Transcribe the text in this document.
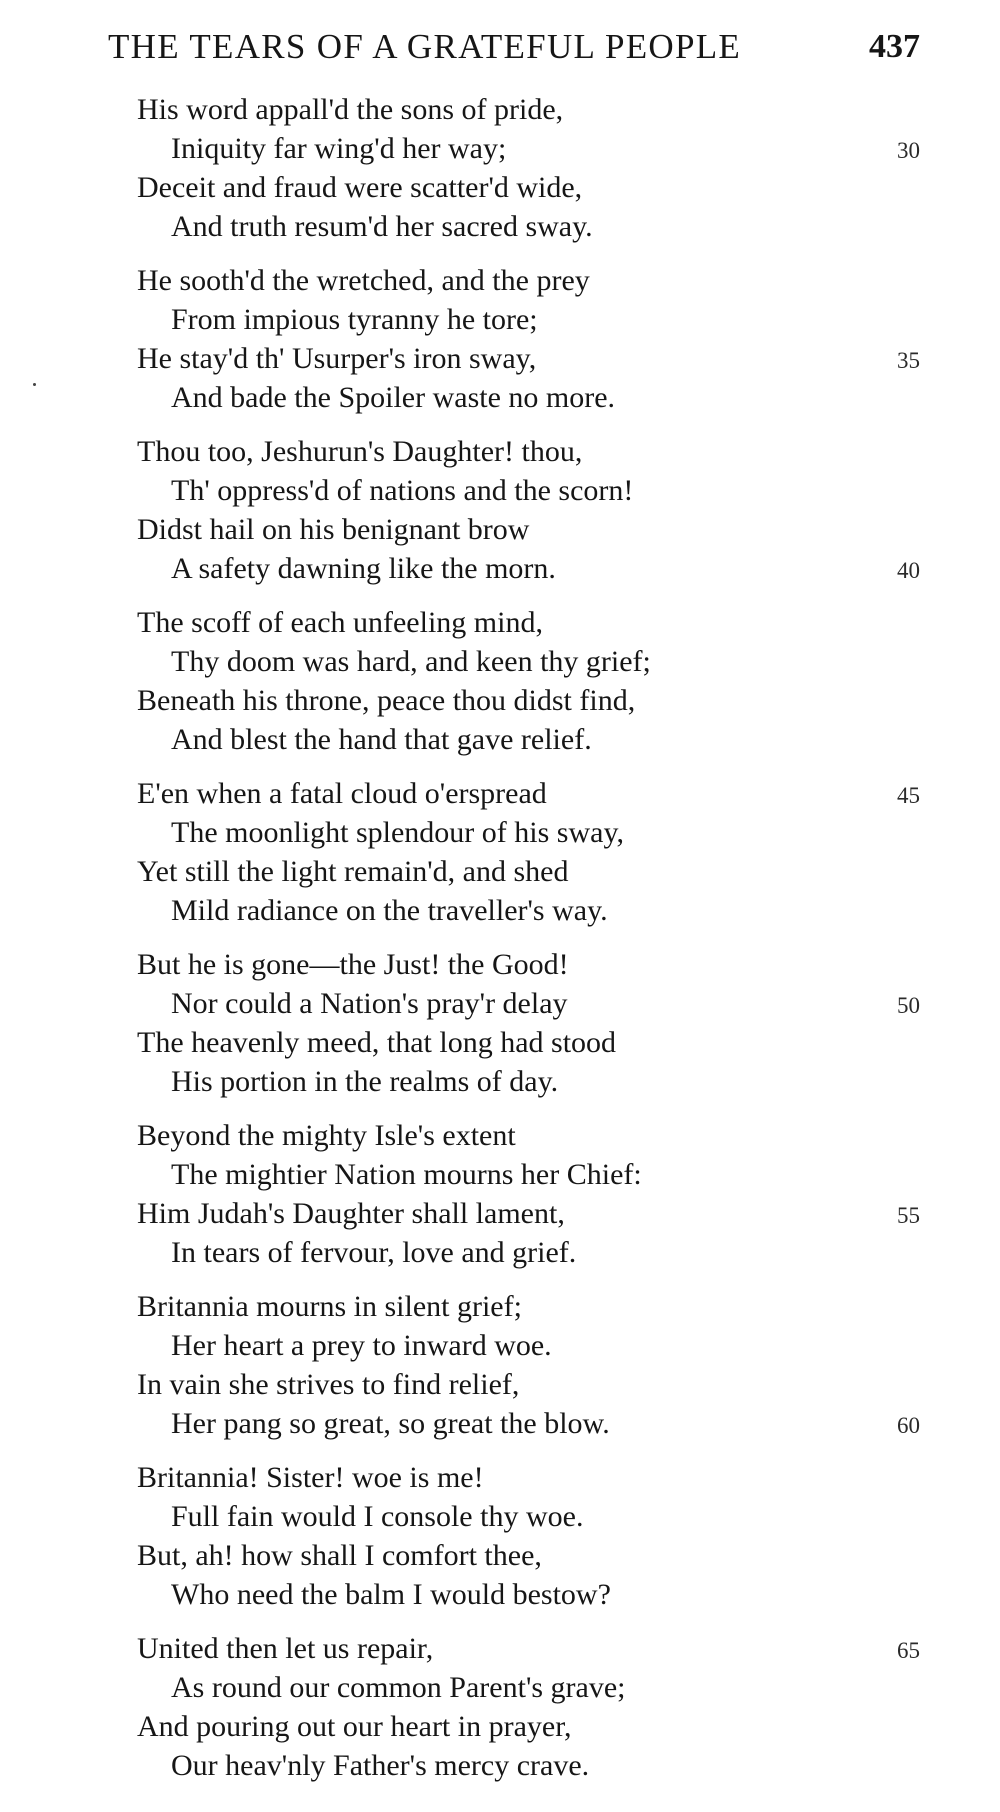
THE TEARS OF A GRATEFUL PEOPLE	437
His word appall'd the sons of pride,
Iniquity far wing'd her way;	30
Deceit and fraud were scatter'd wide,
And truth resum'd her sacred sway.
He sooth'd the wretched, and the prey
From impious tyranny he tore;
He stay'd th' Usurper's iron sway,	35
And bade the Spoiler waste no more.
Thou too, Jeshurun's Daughter! thou,
Th' oppress'd of nations and the scorn!
Didst hail on his benignant brow
A safety dawning like the morn.	40
The scoff of each unfeeling mind,
Thy doom was hard, and keen thy grief;
Beneath his throne, peace thou didst find,
And blest the hand that gave relief.
E'en when a fatal cloud o'erspread	45
The moonlight splendour of his sway,
Yet still the light remain'd, and shed
Mild radiance on the traveller's way.
But he is gone—the Just! the Good!
Nor could a Nation's pray'r delay	50
The heavenly meed, that long had stood
His portion in the realms of day.
Beyond the mighty Isle's extent
The mightier Nation mourns her Chief:
Him Judah's Daughter shall lament,	55
In tears of fervour, love and grief.
Britannia mourns in silent grief;
Her heart a prey to inward woe.
In vain she strives to find relief,
Her pang so great, so great the blow.	60
Britannia! Sister! woe is me!
Full fain would I console thy woe.
But, ah! how shall I comfort thee,
Who need the balm I would bestow?
United then let us repair,	65
As round our common Parent's grave;
And pouring out our heart in prayer,
Our heav'nly Father's mercy crave.
